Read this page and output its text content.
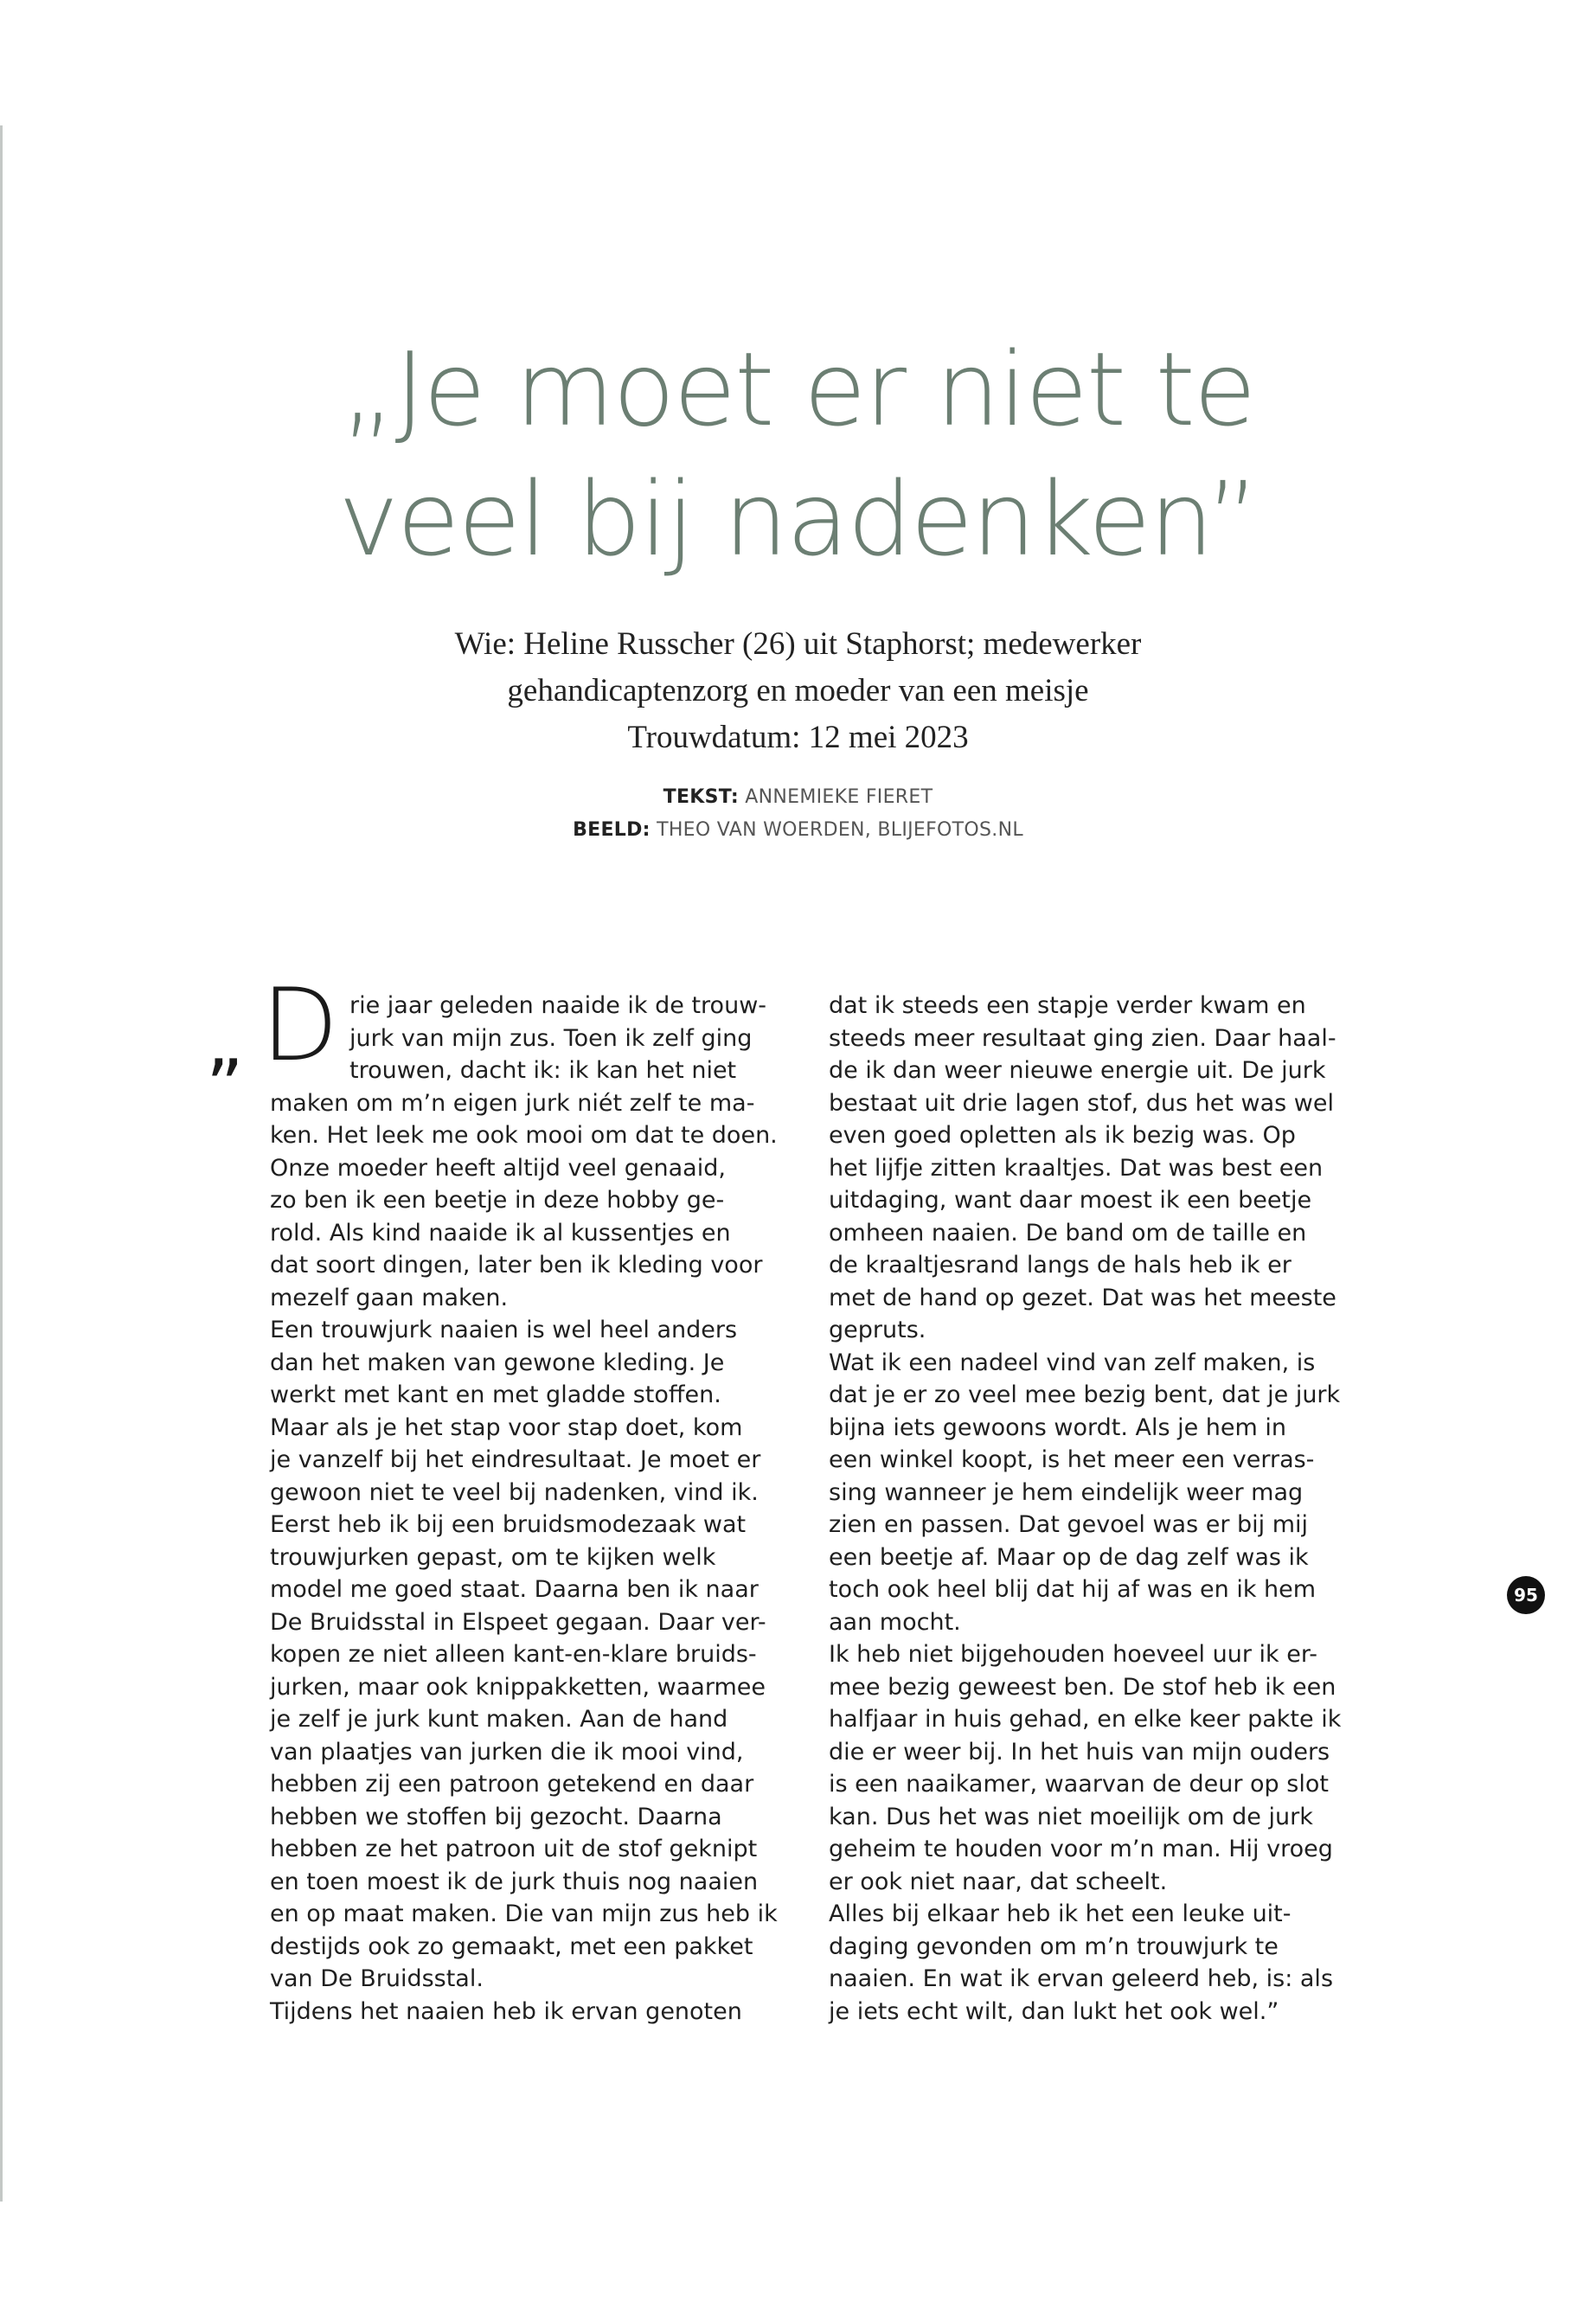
„Je moet er niet te
veel bij nadenken”
Wie: Heline Russcher (26) uit Staphorst; medewerker
gehandicaptenzorg en moeder van een meisje
Trouwdatum: 12 mei 2023
TEKST: ANNEMIEKE FIERET
BEELD: THEO VAN WOERDEN, BLIJEFOTOS.NL
„ D rie jaar geleden naaide ik de trouw-
jurk van mijn zus. Toen ik zelf ging
trouwen, dacht ik: ik kan het niet
maken om m’n eigen jurk niét zelf te ma-
ken. Het leek me ook mooi om dat te doen.
Onze moeder heeft altijd veel genaaid,
zo ben ik een beetje in deze hobby ge-
rold. Als kind naaide ik al kussentjes en
dat soort dingen, later ben ik kleding voor
mezelf gaan maken.
Een trouwjurk naaien is wel heel anders
dan het maken van gewone kleding. Je
werkt met kant en met gladde stoffen.
Maar als je het stap voor stap doet, kom
je vanzelf bij het eindresultaat. Je moet er
gewoon niet te veel bij nadenken, vind ik.
Eerst heb ik bij een bruidsmodezaak wat
trouwjurken gepast, om te kijken welk
model me goed staat. Daarna ben ik naar
De Bruidsstal in Elspeet gegaan. Daar ver-
kopen ze niet alleen kant-en-klare bruids-
jurken, maar ook knippakketten, waarmee
je zelf je jurk kunt maken. Aan de hand
van plaatjes van jurken die ik mooi vind,
hebben zij een patroon getekend en daar
hebben we stoffen bij gezocht. Daarna
hebben ze het patroon uit de stof geknipt
en toen moest ik de jurk thuis nog naaien
en op maat maken. Die van mijn zus heb ik
destijds ook zo gemaakt, met een pakket
van De Bruidsstal.
Tijdens het naaien heb ik ervan genoten
dat ik steeds een stapje verder kwam en
steeds meer resultaat ging zien. Daar haal-
de ik dan weer nieuwe energie uit. De jurk
bestaat uit drie lagen stof, dus het was wel
even goed opletten als ik bezig was. Op
het lijfje zitten kraaltjes. Dat was best een
uitdaging, want daar moest ik een beetje
omheen naaien. De band om de taille en
de kraaltjesrand langs de hals heb ik er
met de hand op gezet. Dat was het meeste
gepruts.
Wat ik een nadeel vind van zelf maken, is
dat je er zo veel mee bezig bent, dat je jurk
bijna iets gewoons wordt. Als je hem in
een winkel koopt, is het meer een verras-
sing wanneer je hem eindelijk weer mag
zien en passen. Dat gevoel was er bij mij
een beetje af. Maar op de dag zelf was ik
toch ook heel blij dat hij af was en ik hem
aan mocht.
Ik heb niet bijgehouden hoeveel uur ik er-
mee bezig geweest ben. De stof heb ik een
halfjaar in huis gehad, en elke keer pakte ik
die er weer bij. In het huis van mijn ouders
is een naaikamer, waarvan de deur op slot
kan. Dus het was niet moeilijk om de jurk
geheim te houden voor m’n man. Hij vroeg
er ook niet naar, dat scheelt.
Alles bij elkaar heb ik het een leuke uit-
daging gevonden om m’n trouwjurk te
naaien. En wat ik ervan geleerd heb, is: als
je iets echt wilt, dan lukt het ook wel.”
95
